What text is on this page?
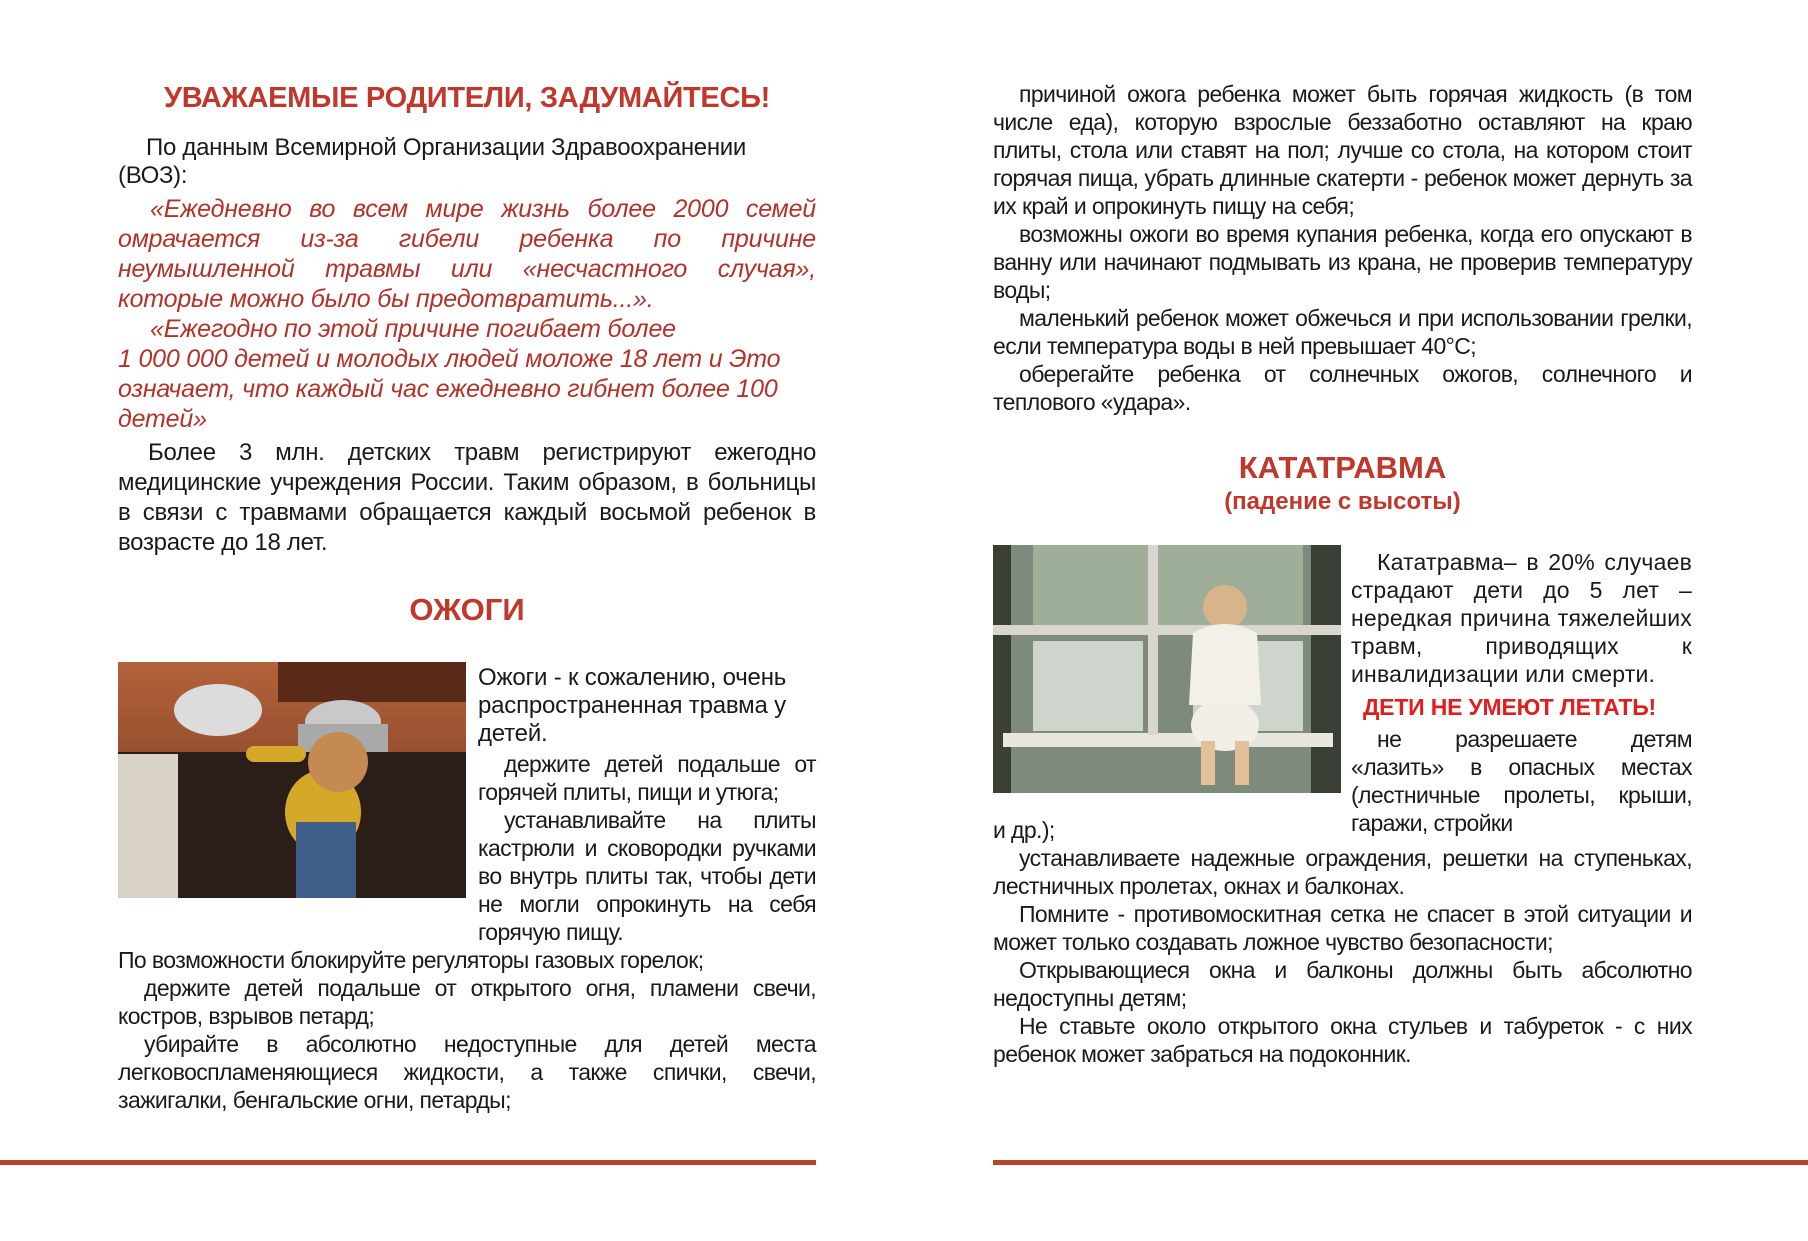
УВАЖАЕМЫЕ РОДИТЕЛИ, ЗАДУМАЙТЕСЬ!

По данным Всемирной Организации Здравоохранении (ВОЗ):

«Ежедневно во всем мире жизнь более 2000 семей омрачается из-за гибели ребенка по причине неумышленной травмы или «несчастного случая», которые можно было бы предотвратить...».

«Ежегодно по этой причине погибает более

1 000 000 детей и молодых людей моложе 18 лет и Это означает, что каждый час ежедневно гибнет более 100 детей»

Более 3 млн. детских травм регистрируют ежегодно медицинские учреждения России. Таким образом, в больницы в связи с травмами обращается каждый восьмой ребенок в возрасте до 18 лет.

ОЖОГИ

Ожоги - к сожалению, очень распространенная травма у детей.

держите детей подальше от горячей плиты, пищи и утюга;

устанавливайте на плиты кастрюли и сковородки ручками во внутрь плиты так, чтобы дети не могли опрокинуть на себя горячую пищу.

По возможности блокируйте регуляторы газовых горелок;

держите детей подальше от открытого огня, пламени свечи, костров, взрывов петард;

убирайте в абсолютно недоступные для детей места легковоспламеняющиеся жидкости, а также спички, свечи, зажигалки, бенгальские огни, петарды;

причиной ожога ребенка может быть горячая жидкость (в том числе еда), которую взрослые беззаботно оставляют на краю плиты, стола или ставят на пол; лучше со стола, на котором стоит горячая пища, убрать длинные скатерти - ребенок может дернуть за их край и опрокинуть пищу на себя;

возможны ожоги во время купания ребенка, когда его опускают в ванну или начинают подмывать из крана, не проверив температуру воды;

маленький ребенок может обжечься и при использовании грелки, если температура воды в ней превышает 40°С;

оберегайте ребенка от солнечных ожогов, солнечного и теплового «удара».

КАТАТРАВМА
(падение с высоты)

Кататравма– в 20% случаев страдают дети до 5 лет – нередкая причина тяжелейших травм, приводящих к инвалидизации или смерти.

ДЕТИ НЕ УМЕЮТ ЛЕТАТЬ!

не разрешаете детям «лазить» в опасных местах (лестничные пролеты, крыши, гаражи, стройки

и др.);

устанавливаете надежные ограждения, решетки на ступеньках, лестничных пролетах, окнах и балконах.

Помните - противомоскитная сетка не спасет в этой ситуации и может только создавать ложное чувство безопасности;

Открывающиеся окна и балконы должны быть абсолютно недоступны детям;

Не ставьте около открытого окна стульев и табуреток - с них ребенок может забраться на подоконник.
